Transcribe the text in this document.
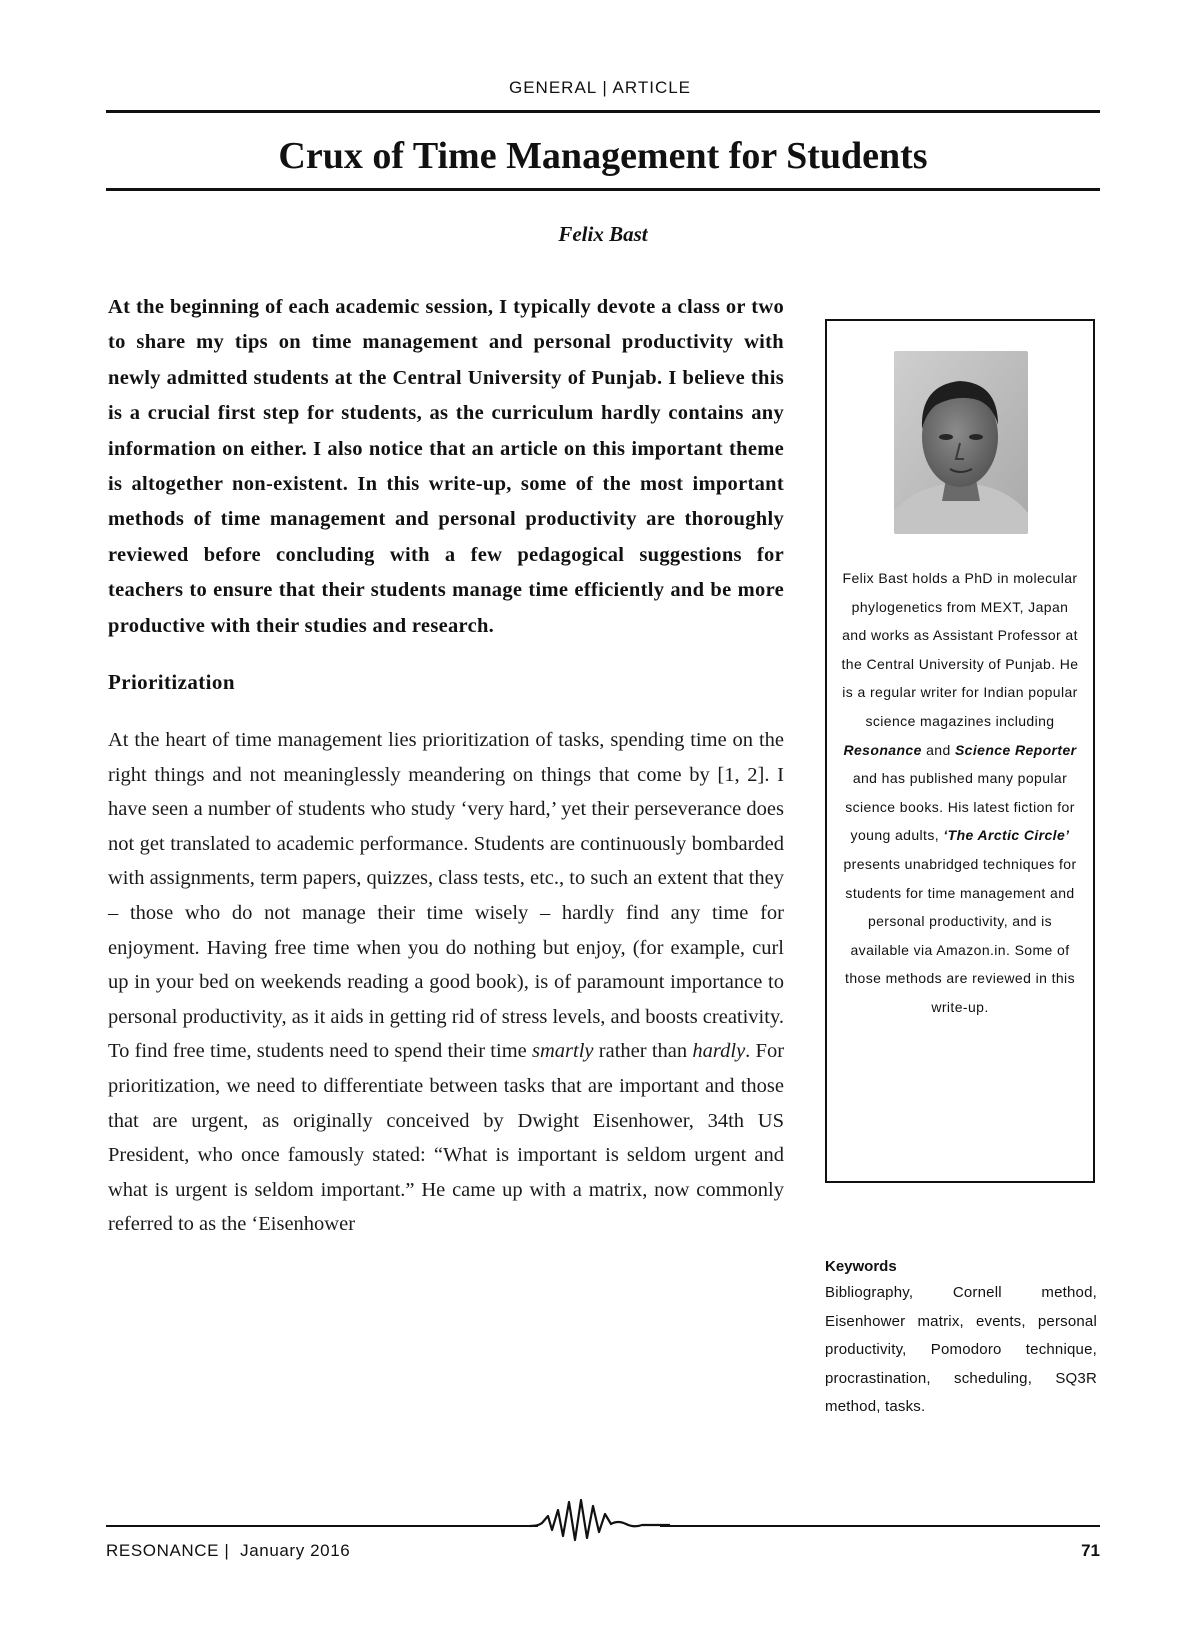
GENERAL | ARTICLE
Crux of Time Management for Students
Felix Bast

At the beginning of each academic session, I typically devote a class or two to share my tips on time management and personal productivity with newly admitted students at the Central University of Punjab. I believe this is a crucial first step for students, as the curriculum hardly contains any information on either. I also notice that an article on this important theme is altogether non-existent. In this write-up, some of the most important methods of time management and personal productivity are thoroughly reviewed before concluding with a few pedagogical suggestions for teachers to ensure that their students manage time efficiently and be more productive with their studies and research.

Prioritization

At the heart of time management lies prioritization of tasks, spending time on the right things and not meaninglessly meandering on things that come by [1, 2]. I have seen a number of students who study ‘very hard,’ yet their perseverance does not get translated to academic performance. Students are continuously bombarded with assignments, term papers, quizzes, class tests, etc., to such an extent that they – those who do not manage their time wisely – hardly find any time for enjoyment. Having free time when you do nothing but enjoy, (for example, curl up in your bed on weekends reading a good book), is of paramount importance to personal productivity, as it aids in getting rid of stress levels, and boosts creativity. To find free time, students need to spend their time smartly rather than hardly. For prioritization, we need to differentiate between tasks that are important and those that are urgent, as originally conceived by Dwight Eisenhower, 34th US President, who once famously stated: “What is important is seldom urgent and what is urgent is seldom important.” He came up with a matrix, now commonly referred to as the ‘Eisenhower

Felix Bast holds a PhD in molecular phylogenetics from MEXT, Japan and works as Assistant Professor at the Central University of Punjab. He is a regular writer for Indian popular science magazines including Resonance and Science Reporter and has published many popular science books. His latest fiction for young adults, ‘The Arctic Circle’ presents unabridged techniques for students for time management and personal productivity, and is available via Amazon.in. Some of those methods are reviewed in this write-up.

Keywords

Bibliography, Cornell method, Eisenhower matrix, events, personal productivity, Pomodoro technique, procrastination, scheduling, SQ3R method, tasks.

RESONANCE | January 2016	71
